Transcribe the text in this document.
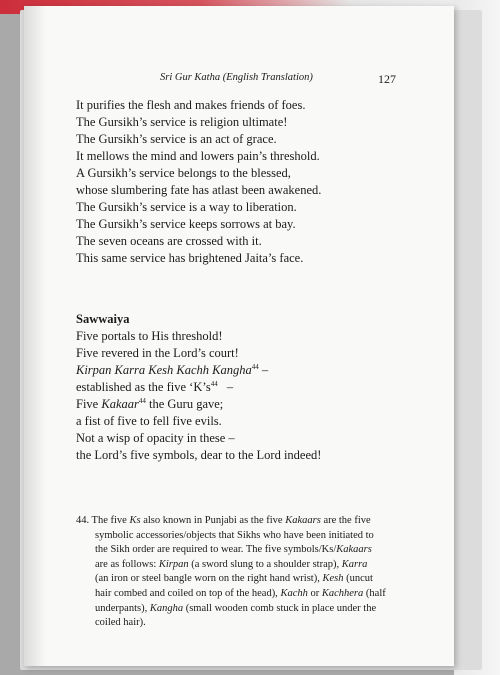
Sri Gur Katha (English Translation)	127
It purifies the flesh and makes friends of foes.
The Gursikh’s service is religion ultimate!
The Gursikh’s service is an act of grace.
It mellows the mind and lowers pain’s threshold.
A Gursikh’s service belongs to the blessed,
whose slumbering fate has atlast been awakened.
The Gursikh’s service is a way to liberation.
The Gursikh’s service keeps sorrows at bay.
The seven oceans are crossed with it.
This same service has brightened Jaita’s face.
Sawwaiya
Five portals to His threshold!
Five revered in the Lord’s court!
Kirpan Karra Kesh Kachh Kangha$^{44}$ –
established as the five ‘$K’s^{44}$ –
Five Kakaar$^{44}$ the Guru gave;
a fist of five to fell five evils.
Not a wisp of opacity in these –
the Lord’s five symbols, dear to the Lord indeed!
44. The five Ks also known in Punjabi as the five Kakaars are the five
symbolic accessories/objects that Sikhs who have been initiated to
the Sikh order are required to wear. The five symbols/Ks/Kakaars
are as follows: Kirpan (a sword slung to a shoulder strap), Karra
(an iron or steel bangle worn on the right hand wrist), Kesh (uncut
hair combed and coiled on top of the head), Kachh or Kachhera (half
underpants), Kangha (small wooden comb stuck in place under the
coiled hair).
